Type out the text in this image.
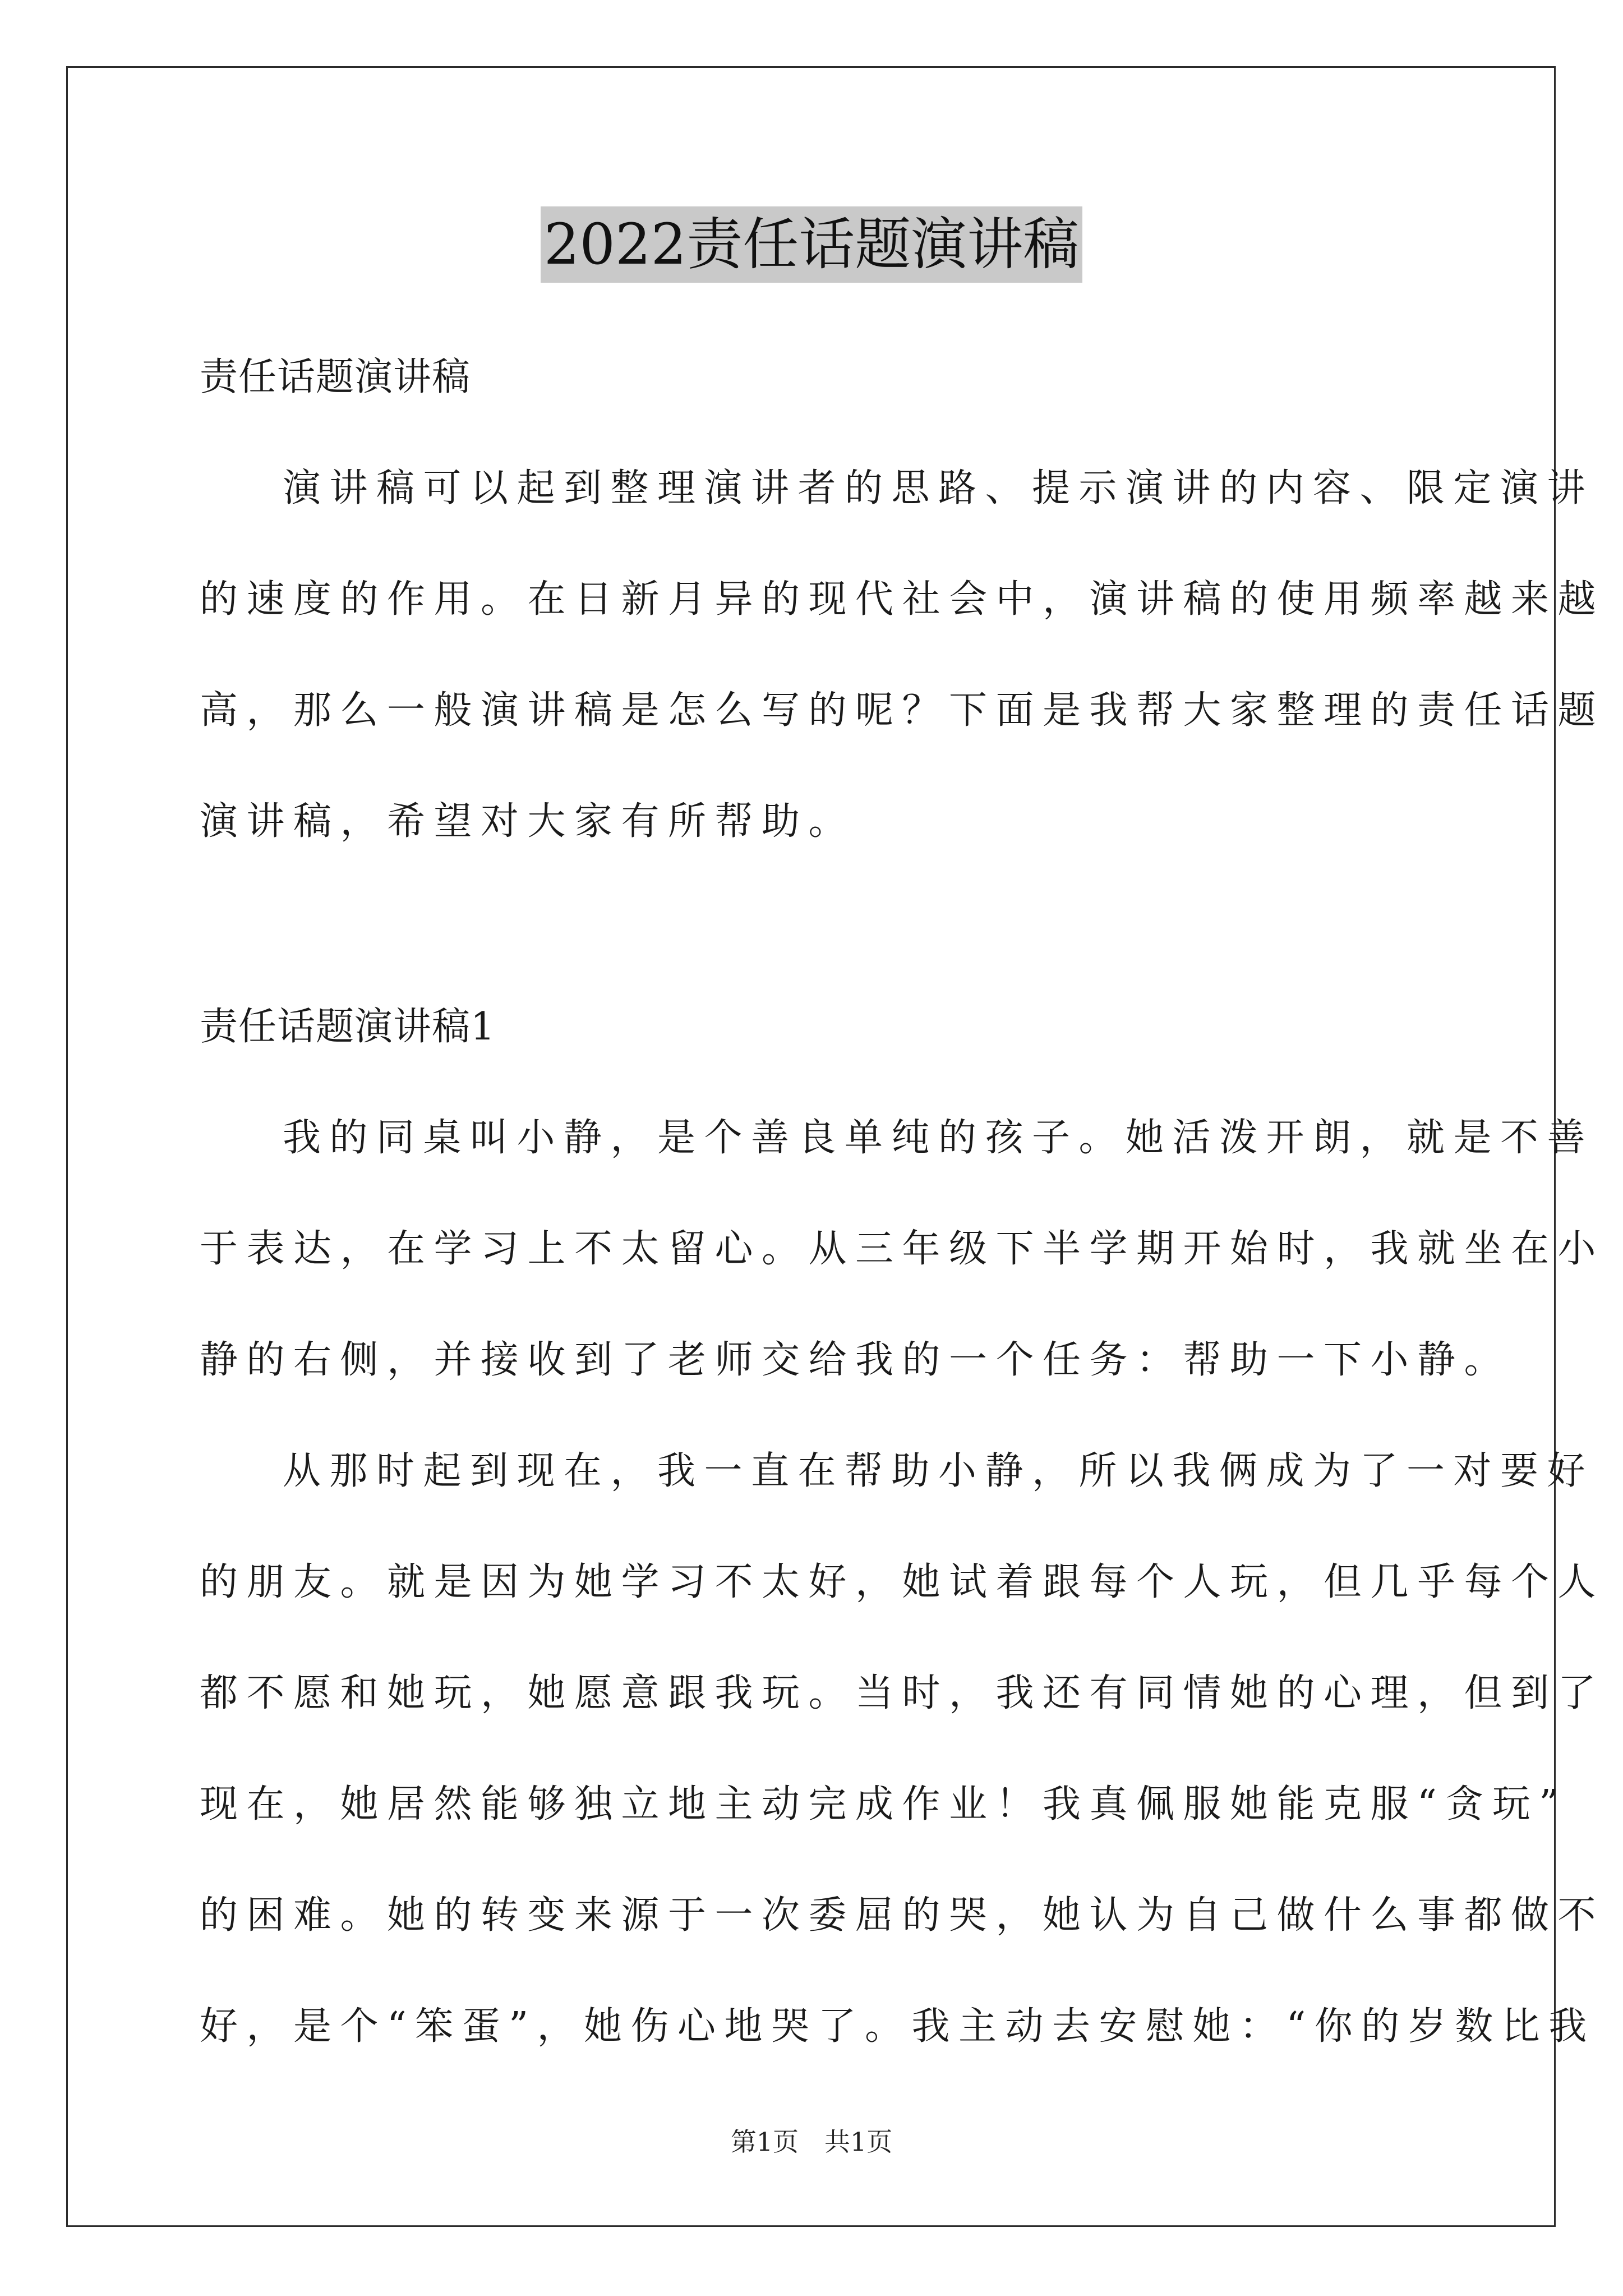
2022责任话题演讲稿
责任话题演讲稿
演讲稿可以起到整理演讲者的思路、提示演讲的内容、限定演讲
的速度的作用。在日新月异的现代社会中，演讲稿的使用频率越来越
高，那么一般演讲稿是怎么写的呢？下面是我帮大家整理的责任话题
演讲稿，希望对大家有所帮助。
责任话题演讲稿1
我的同桌叫小静，是个善良单纯的孩子。她活泼开朗，就是不善
于表达，在学习上不太留心。从三年级下半学期开始时，我就坐在小
静的右侧，并接收到了老师交给我的一个任务：帮助一下小静。
从那时起到现在，我一直在帮助小静，所以我俩成为了一对要好
的朋友。就是因为她学习不太好，她试着跟每个人玩，但几乎每个人
都不愿和她玩，她愿意跟我玩。当时，我还有同情她的心理，但到了
现在，她居然能够独立地主动完成作业！我真佩服她能克服“贪玩”
的困难。她的转变来源于一次委屈的哭，她认为自己做什么事都做不
好，是个“笨蛋”，她伤心地哭了。我主动去安慰她：“你的岁数比我
第1页　共1页
